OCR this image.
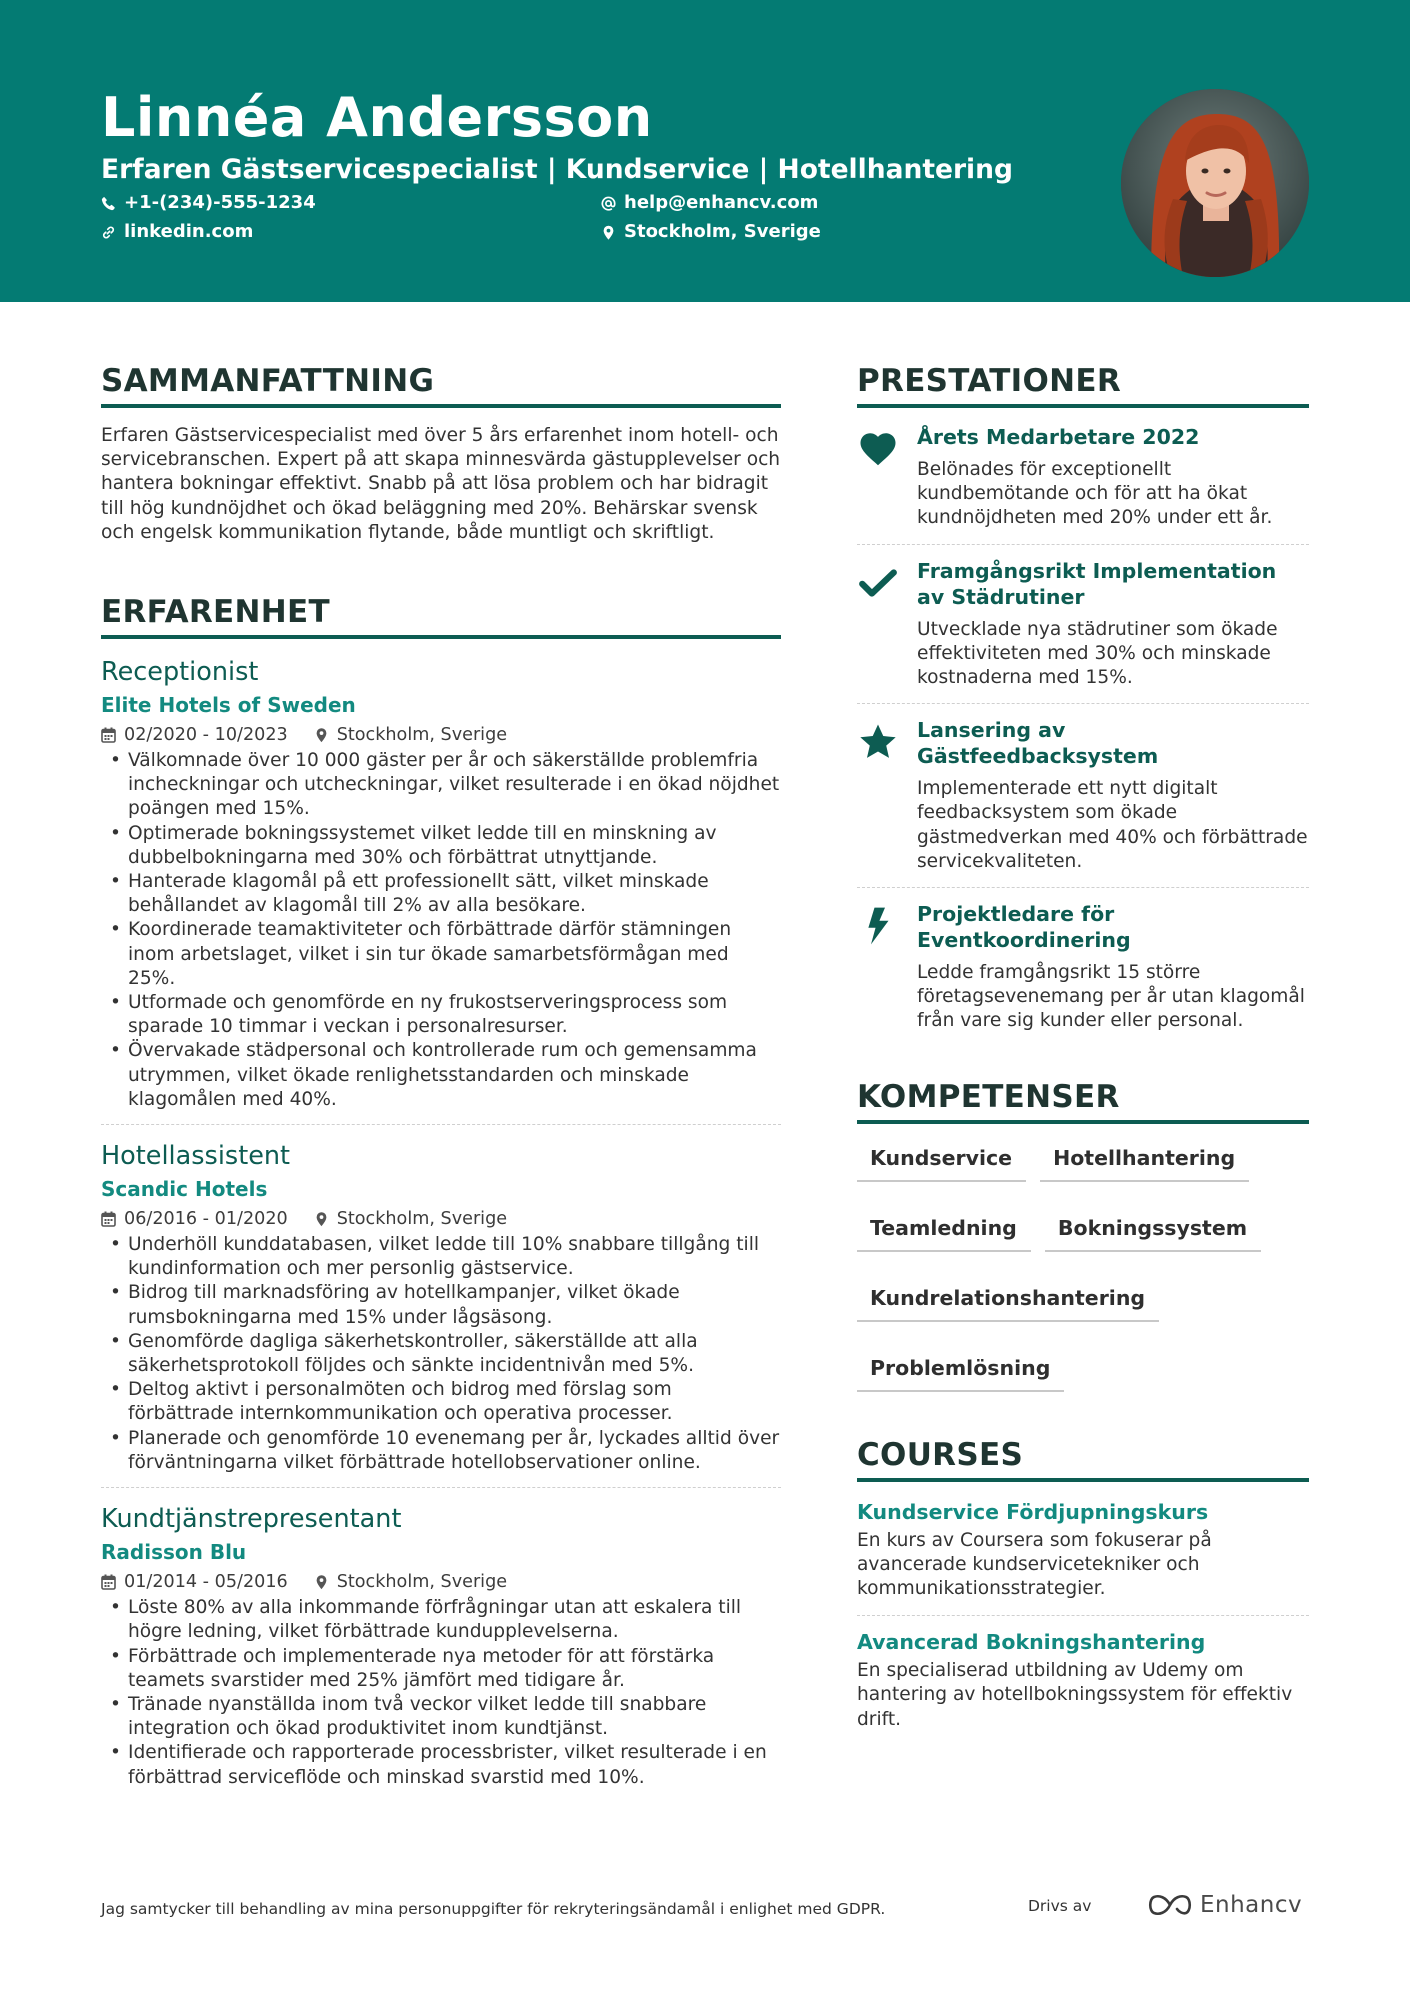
Linnéa Andersson
Erfaren Gästservicespecialist | Kundservice | Hotellhantering
+1-(234)-555-1234	help@enhancv.com
linkedin.com	Stockholm, Sverige
SAMMANFATTNING

Erfaren Gästservicespecialist med över 5 års erfarenhet inom hotell- och servicebranschen. Expert på att skapa minnesvärda gästupplevelser och hantera bokningar effektivt. Snabb på att lösa problem och har bidragit till hög kundnöjdhet och ökad beläggning med 20%. Behärskar svensk och engelsk kommunikation flytande, både muntligt och skriftligt.

ERFARENHET
Receptionist
Elite Hotels of Sweden
02/2020 - 10/2023	Stockholm, Sverige
• Välkomnade över 10 000 gäster per år och säkerställde problemfria incheckningar och utcheckningar, vilket resulterade i en ökad nöjdhet poängen med 15%.
• Optimerade bokningssystemet vilket ledde till en minskning av dubbelbokningarna med 30% och förbättrat utnyttjande.
• Hanterade klagomål på ett professionellt sätt, vilket minskade behållandet av klagomål till 2% av alla besökare.
• Koordinerade teamaktiviteter och förbättrade därför stämningen inom arbetslaget, vilket i sin tur ökade samarbetsförmågan med 25%.
• Utformade och genomförde en ny frukostserveringsprocess som sparade 10 timmar i veckan i personalresurser.
• Övervakade städpersonal och kontrollerade rum och gemensamma utrymmen, vilket ökade renlighetsstandarden och minskade klagomålen med 40%.
Hotellassistent
Scandic Hotels
06/2016 - 01/2020	Stockholm, Sverige
• Underhöll kunddatabasen, vilket ledde till 10% snabbare tillgång till kundinformation och mer personlig gästservice.
• Bidrog till marknadsföring av hotellkampanjer, vilket ökade rumsbokningarna med 15% under lågsäsong.
• Genomförde dagliga säkerhetskontroller, säkerställde att alla säkerhetsprotokoll följdes och sänkte incidentnivån med 5%.
• Deltog aktivt i personalmöten och bidrog med förslag som förbättrade internkommunikation och operativa processer.
• Planerade och genomförde 10 evenemang per år, lyckades alltid över förväntningarna vilket förbättrade hotellobservationer online.
Kundtjänstrepresentant
Radisson Blu
01/2014 - 05/2016	Stockholm, Sverige
• Löste 80% av alla inkommande förfrågningar utan att eskalera till högre ledning, vilket förbättrade kundupplevelserna.
• Förbättrade och implementerade nya metoder för att förstärka teamets svarstider med 25% jämfört med tidigare år.
• Tränade nyanställda inom två veckor vilket ledde till snabbare integration och ökad produktivitet inom kundtjänst.
• Identifierade och rapporterade processbrister, vilket resulterade i en förbättrad serviceflöde och minskad svarstid med 10%.
PRESTATIONER
Årets Medarbetare 2022
Belönades för exceptionellt kundbemötande och för att ha ökat kundnöjdheten med 20% under ett år.
Framgångsrikt Implementation av Städrutiner
Utvecklade nya städrutiner som ökade effektiviteten med 30% och minskade kostnaderna med 15%.
Lansering av Gästfeedbacksystem
Implementerade ett nytt digitalt feedbacksystem som ökade gästmedverkan med 40% och förbättrade servicekvaliteten.
Projektledare för Eventkoordinering
Ledde framgångsrikt 15 större företagsevenemang per år utan klagomål från vare sig kunder eller personal.
KOMPETENSER
Kundservice	Hotellhantering
Teamledning	Bokningssystem
Kundrelationshantering
Problemlösning
COURSES
Kundservice Fördjupningskurs
En kurs av Coursera som fokuserar på avancerade kundservicetekniker och kommunikationsstrategier.
Avancerad Bokningshantering
En specialiserad utbildning av Udemy om hantering av hotellbokningssystem för effektiv drift.
Jag samtycker till behandling av mina personuppgifter för rekryteringsändamål i enlighet med GDPR.	Drivs av	Enhancv
